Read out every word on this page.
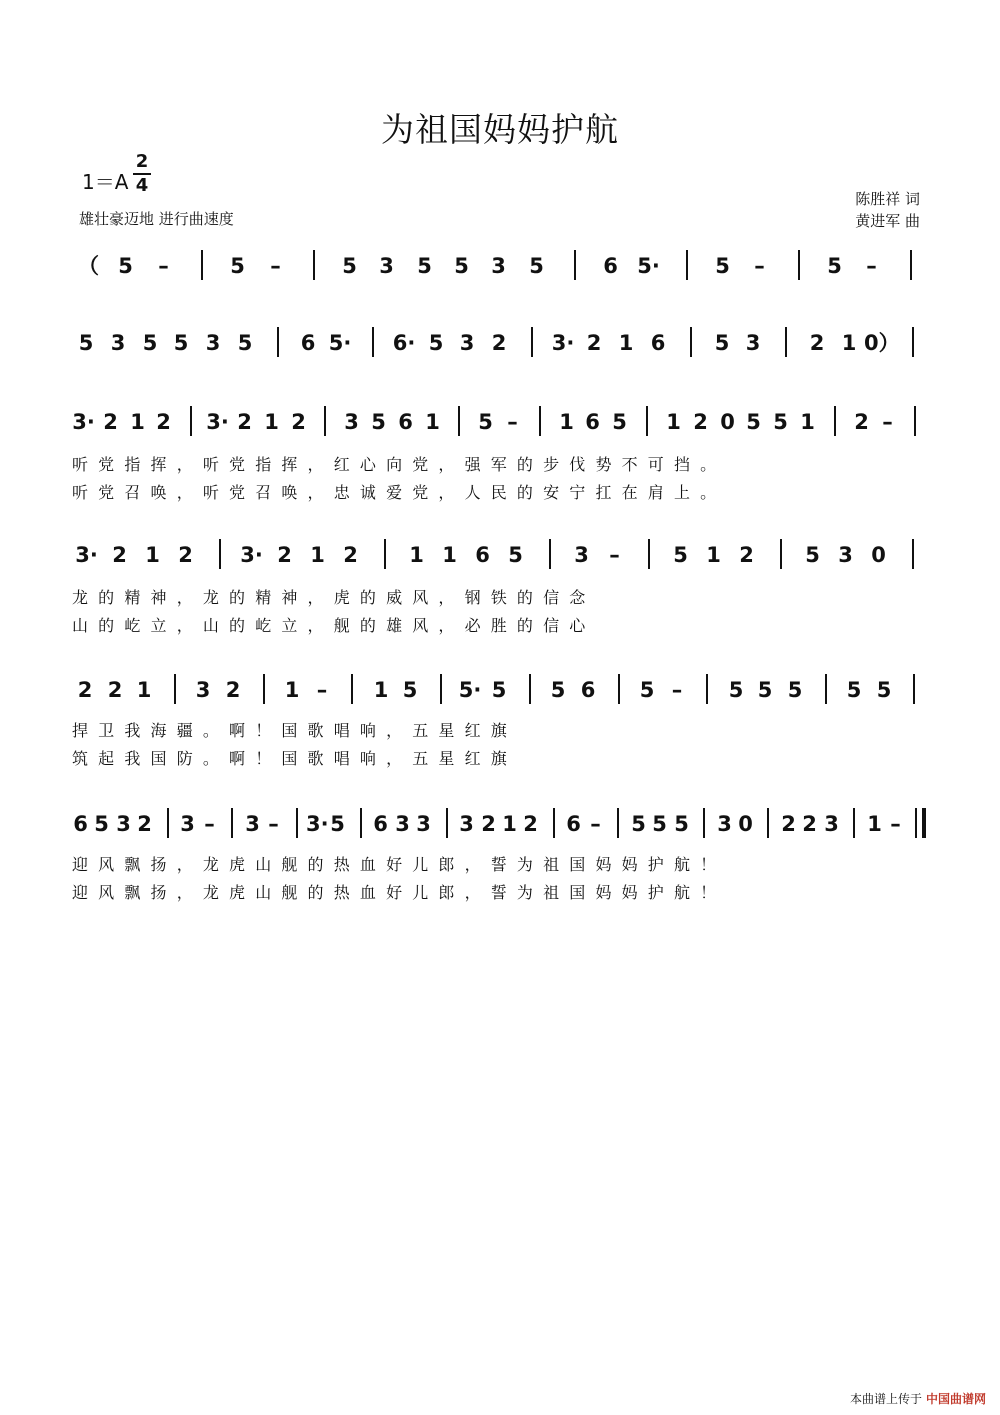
为祖国妈妈护航
1＝A
2
4
雄壮豪迈地 进行曲速度
陈胜祥 词
黄进军 曲
（ 5	–	5	–	5	3	5	5	3	5	6 5·	5	–	5	–
5 3 5 5 3 5	6 5· 6· 5 3 2	3· 2 1 6	5 3	2 1 0）
3· 2 1 2 3· 2 1 2 3 5 6 1 5 –	1 6 5 1 2 0 5 5 1 2 –
听  党  指  挥  ，  听  党  指  挥  ，  红  心  向  党  ，  强  军  的  步  伐  势  不  可  挡  。
听  党  召  唤  ，  听  党  召  唤  ，  忠  诚  爱  党  ，  人  民  的  安  宁  扛  在  肩  上  。
3· 2 1 2	3· 2 1 2	1 1 6 5	3 –	5 1 2	5 3 0
龙  的  精  神  ，  龙  的  精  神  ，  虎  的  威  风  ，  钢  铁  的  信  念
山  的  屹  立  ，  山  的  屹  立  ，  舰  的  雄  风  ，  必  胜  的  信  心
2 2 1	3 2	1 –	1 5	5· 5	5 6	5 –	5 5 5	5 5
捍  卫  我  海  疆  。  啊  ！  国  歌  唱  响  ，  五  星  红  旗
筑  起  我  国  防  。  啊  ！  国  歌  唱  响  ，  五  星  红  旗
6 5 3 2 3 – 3 – 3· 5 6 3 3 3 2 1 2 6 – 5 5 5 3 0 2 2 3 1 –
迎  风  飘  扬  ，  龙  虎  山  舰  的  热  血  好  儿  郎  ，  誓  为  祖  国  妈  妈  护  航  ！
迎  风  飘  扬  ，  龙  虎  山  舰  的  热  血  好  儿  郎  ，  誓  为  祖  国  妈  妈  护  航  ！
本曲谱上传于 中国曲谱网
